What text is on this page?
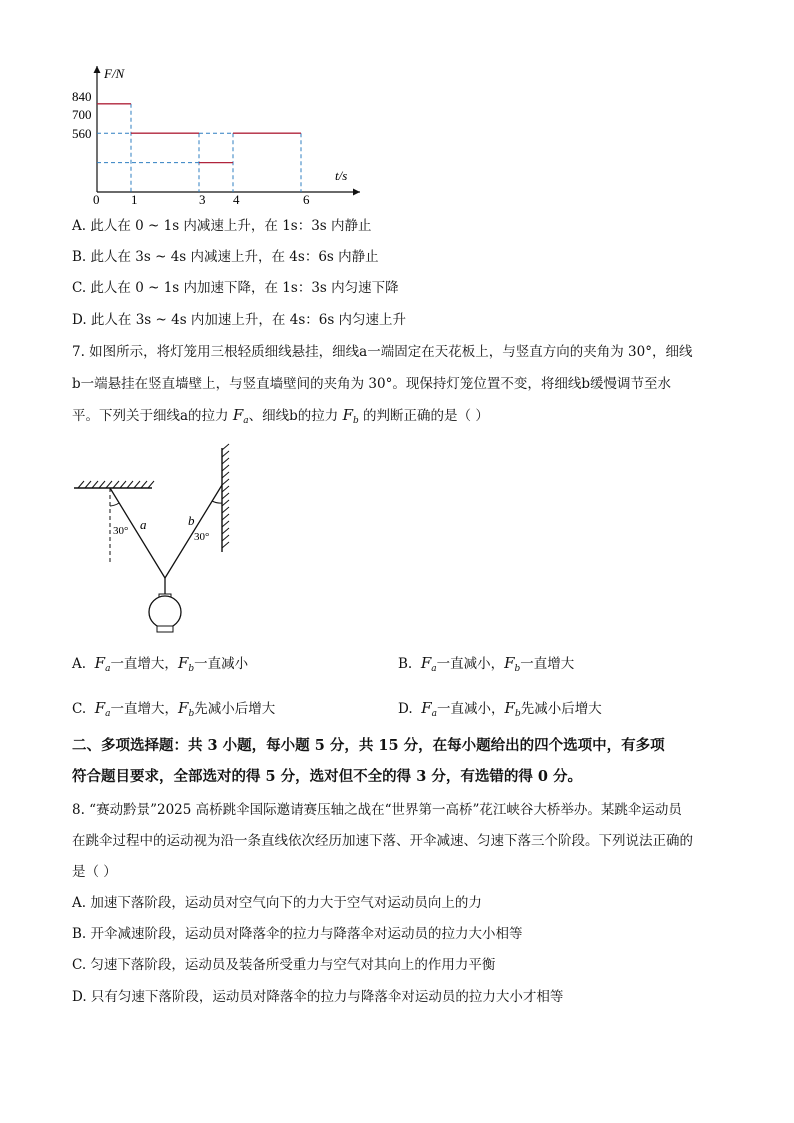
F/N
t/s
840
700
560
0 1	3 4	6
A. 此人在 0 ~ 1s 内减速上升，在 1s：3s 内静止
B. 此人在 3s ~ 4s 内减速上升，在 4s：6s 内静止
C. 此人在 0 ~ 1s 内加速下降，在 1s：3s 内匀速下降
D. 此人在 3s ~ 4s 内加速上升，在 4s：6s 内匀速上升
7. 如图所示，将灯笼用三根轻质细线悬挂，细线a一端固定在天花板上，与竖直方向的夹角为 30°，细线
b一端悬挂在竖直墙壁上，与竖直墙壁间的夹角为 30°。现保持灯笼位置不变，将细线b缓慢调节至水
平。下列关于细线a的拉力 $F_a$、细线b的拉力 $F_b$ 的判断正确的是（ ）
a	b
30°	30°
A. $F_a$一直增大，$F_b$一直减小	B. $F_a$一直减小，$F_b$一直增大
C. $F_a$一直增大，$F_b$先减小后增大	D. $F_a$一直减小，$F_b$先减小后增大
二、多项选择题：共 3 小题，每小题 5 分，共 15 分，在每小题给出的四个选项中，有多项
符合题目要求，全部选对的得 5 分，选对但不全的得 3 分，有选错的得 0 分。
8. “赛动黔景”2025 高桥跳伞国际邀请赛压轴之战在“世界第一高桥”花江峡谷大桥举办。某跳伞运动员
在跳伞过程中的运动视为沿一条直线依次经历加速下落、开伞减速、匀速下落三个阶段。下列说法正确的
是（ ）
A. 加速下落阶段，运动员对空气向下的力大于空气对运动员向上的力
B. 开伞减速阶段，运动员对降落伞的拉力与降落伞对运动员的拉力大小相等
C. 匀速下落阶段，运动员及装备所受重力与空气对其向上的作用力平衡
D. 只有匀速下落阶段，运动员对降落伞的拉力与降落伞对运动员的拉力大小才相等
